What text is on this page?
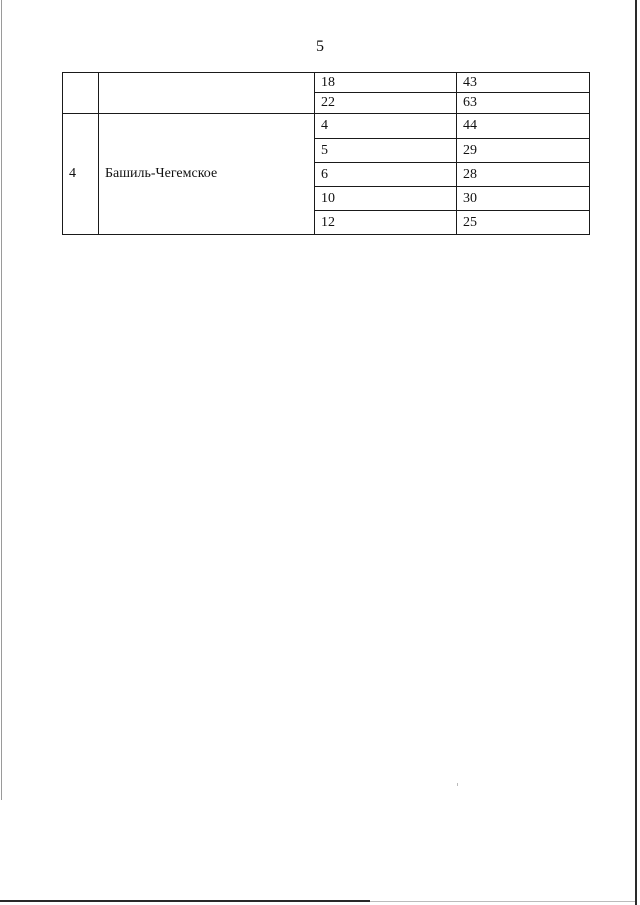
5
		18	43
		22	63
4	Башиль-Чегемское	4	44
		5	29
		6	28
		10	30
		12	25
